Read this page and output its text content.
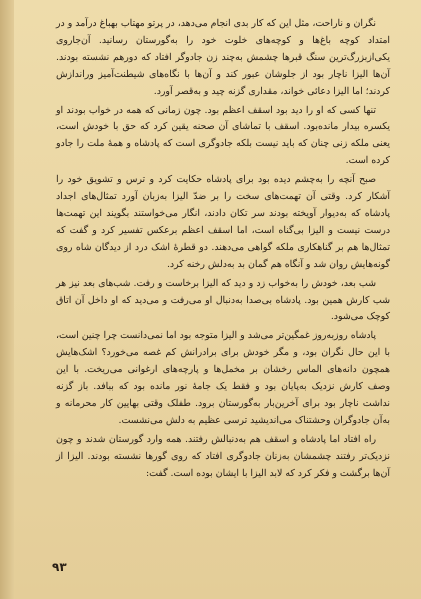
نگران و ناراحت، مثل این که کار بدی انجام می‌دهد، در پرتو مهتاب بهباغ درآمد و در امتداد کوچه باغ‌ها و کوچه‌های خلوت خود را به‌گورستان رسانید. آن‌جاروی یکی‌ازبزرگ‌ترین سنگ قبرها چشمش به‌چند زن جادوگر افتاد که دورهم نشسته بودند. آن‌ها الیزا ناچار بود از جلوشان عبور کند و آن‌ها با نگاه‌های شیطنت‌آمیز وراندازش کردند؛ اما الیزا دعائی خواند، مقداری گزنه چید و به‌قصر آورد.

تنها کسی که او را دید بود اسقف اعظم بود. چون زمانی که همه در خواب بودند او یکسره بیدار مانده‌بود. اسقف با تماشای آن صحنه یقین کرد که حق با خودش است، یعنی ملکه زنی چنان که باید نیست بلکه جادوگری است که پادشاه و همهٔ ملت را جادو کرده است.

صبح آنچه را به‌چشم دیده بود برای پادشاه حکایت کرد و ترس و تشویق خود را آشکار کرد. وقتی آن تهمت‌های سخت را بر ضدّ الیزا به‌زبان آورد تمثال‌های اجداد پادشاه که به‌دیوار آویخته بودند سر تکان دادند، انگار می‌خواستند بگویند این تهمت‌ها درست نیست و الیزا بی‌گناه است، اما اسقف اعظم برعکس تفسیر کرد و گفت که تمثال‌ها هم بر گناهکاری ملکه گواهی می‌دهند. دو قطرهٔ اشک درد از دیدگان شاه روی گونه‌هایش روان شد و آنگاه هم گمان بد به‌دلش رخنه کرد.

شب بعد، خودش را به‌خواب زد و دید که الیزا برخاست و رفت. شب‌های بعد نیز هر شب کارش همین بود. پادشاه بی‌صدا به‌دنبال او می‌رفت و می‌دید که او داخل آن اتاق کوچک می‌شود.

پادشاه روزبه‌روز غمگین‌تر می‌شد و الیزا متوجه بود اما نمی‌دانست چرا چنین است، با این حال نگران بود، و مگر خودش برای برادرانش کم غصه می‌خورد؟ اشک‌هایش همچون دانه‌های الماس رخشان بر مخمل‌ها و پارچه‌های ارغوانی می‌ریخت. با این وصف کارش نزدیک به‌پایان بود و فقط یک جامهٔ نور مانده بود که ببافد. باز گزنه نداشت ناچار بود برای آخرین‌بار به‌گورستان برود. طفلک وقتی بهایین کار محرمانه و به‌آن جادوگران وحشتناک می‌اندیشید ترسی عظیم به دلش می‌نشست.

راه افتاد اما پادشاه و اسقف هم به‌دنبالش رفتند. همه وارد گورستان شدند و چون نزدیک‌تر رفتند چشمشان به‌زنان جادوگری افتاد که روی گورها نشسته بودند. الیزا از آن‌ها برگشت و فکر کرد که لابد الیزا با ایشان بوده است. گفت:

۹۳
